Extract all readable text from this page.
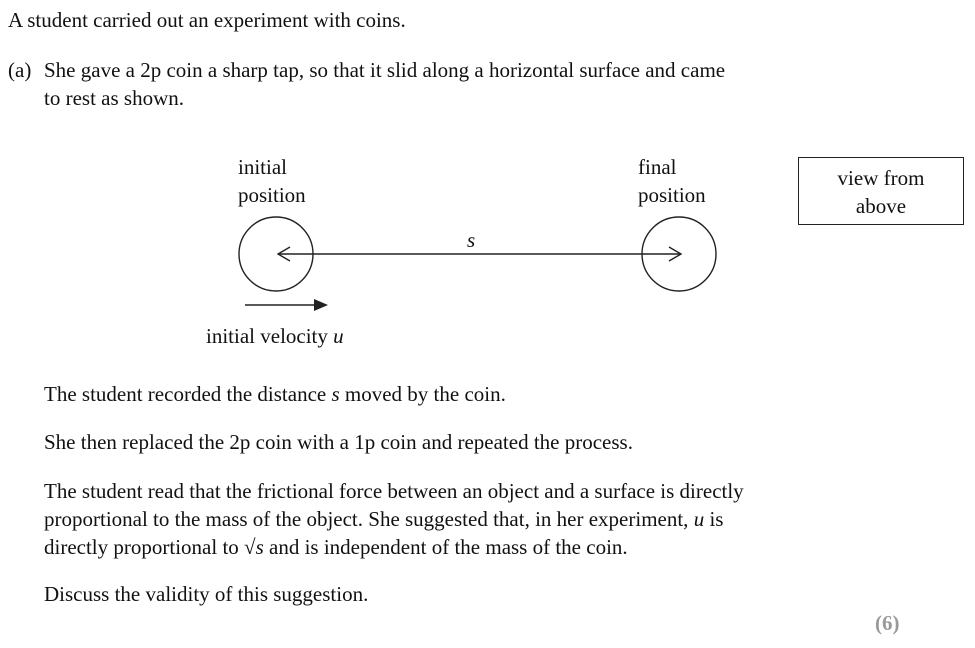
A student carried out an experiment with coins.
(a) She gave a 2p coin a sharp tap, so that it slid along a horizontal surface and came
to rest as shown.
initial
position
final
position
s
initial velocity u
view from
above
The student recorded the distance s moved by the coin.
She then replaced the 2p coin with a 1p coin and repeated the process.
The student read that the frictional force between an object and a surface is directly
proportional to the mass of the object. She suggested that, in her experiment, u is
directly proportional to √s and is independent of the mass of the coin.
Discuss the validity of this suggestion.
(6)
